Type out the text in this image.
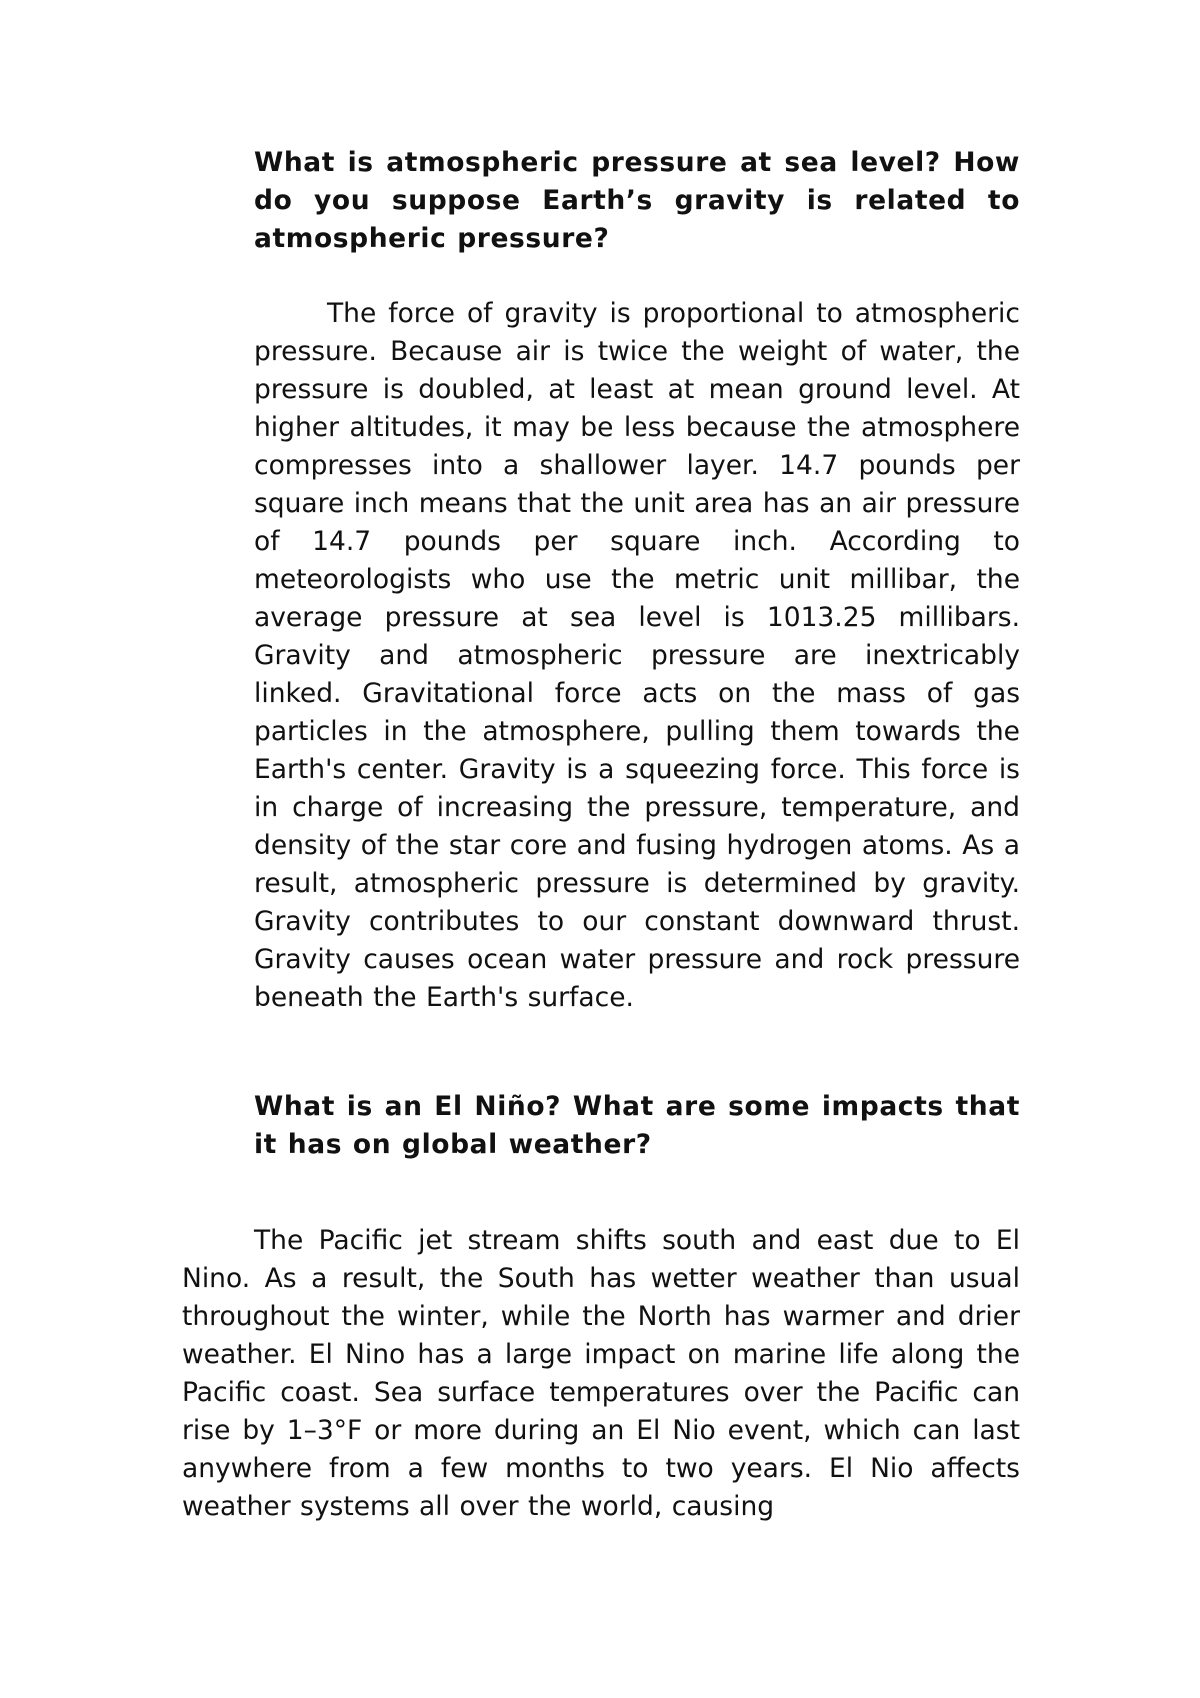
What is atmospheric pressure at sea level? How do you suppose Earth’s gravity is related to atmospheric pressure?

The force of gravity is proportional to atmospheric pressure. Because air is twice the weight of water, the pressure is doubled, at least at mean ground level. At higher altitudes, it may be less because the atmosphere compresses into a shallower layer. 14.7 pounds per square inch means that the unit area has an air pressure of 14.7 pounds per square inch. According to meteorologists who use the metric unit millibar, the average pressure at sea level is 1013.25 millibars. Gravity and atmospheric pressure are inextricably linked. Gravitational force acts on the mass of gas particles in the atmosphere, pulling them towards the Earth's center. Gravity is a squeezing force. This force is in charge of increasing the pressure, temperature, and density of the star core and fusing hydrogen atoms. As a result, atmospheric pressure is determined by gravity. Gravity contributes to our constant downward thrust. Gravity causes ocean water pressure and rock pressure beneath the Earth's surface.

What is an El Niño? What are some impacts that it has on global weather?

The Pacific jet stream shifts south and east due to El Nino. As a result, the South has wetter weather than usual throughout the winter, while the North has warmer and drier weather. El Nino has a large impact on marine life along the Pacific coast. Sea surface temperatures over the Pacific can rise by 1–3°F or more during an El Nio event, which can last anywhere from a few months to two years. El Nio affects weather systems all over the world, causing
